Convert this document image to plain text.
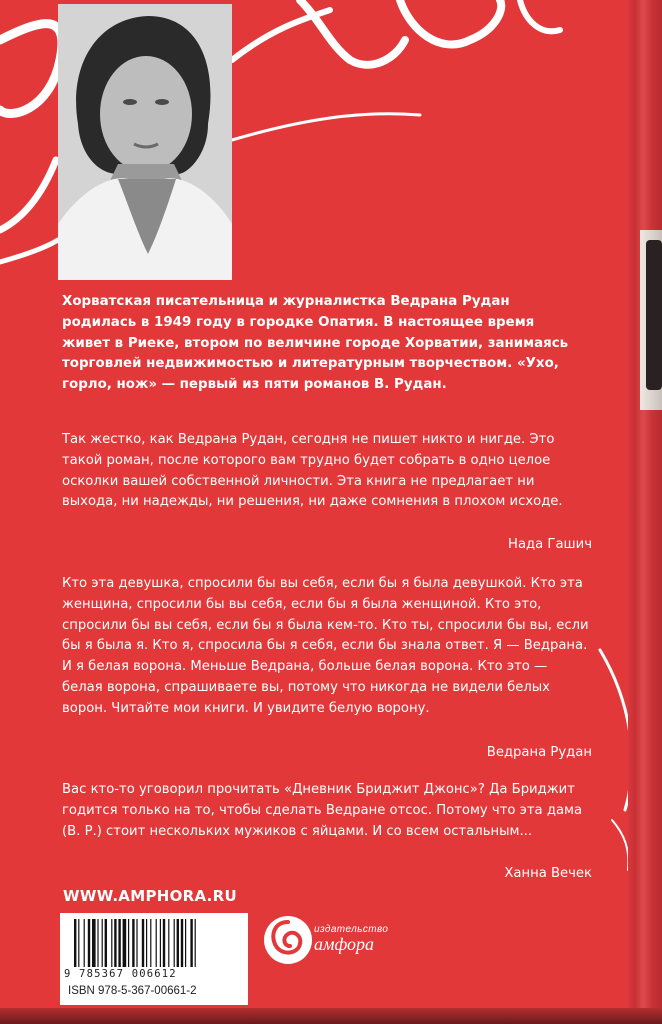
Хорватская писательница и журналистка Ведрана Рудан родилась в 1949 году в городке Опатия. В настоящее время живет в Риеке, втором по величине городе Хорватии, занимаясь торговлей недвижимостью и литературным творчеством. «Ухо, горло, нож» — первый из пяти романов В. Рудан.

Так жестко, как Ведрана Рудан, сегодня не пишет никто и нигде. Это такой роман, после которого вам трудно будет собрать в одно целое осколки вашей собственной личности. Эта книга не предлагает ни выхода, ни надежды, ни решения, ни даже сомнения в плохом исходе.

Нада Гашич

Кто эта девушка, спросили бы вы себя, если бы я была девушкой. Кто эта женщина, спросили бы вы себя, если бы я была женщиной. Кто это, спросили бы вы себя, если бы я была кем-то. Кто ты, спросили бы вы, если бы я была я. Кто я, спросила бы я себя, если бы знала ответ. Я — Ведрана. И я белая ворона. Меньше Ведрана, больше белая ворона. Кто это — белая ворона, спрашиваете вы, потому что никогда не видели белых ворон. Читайте мои книги. И увидите белую ворону.

Ведрана Рудан

Вас кто-то уговорил прочитать «Дневник Бриджит Джонс»? Да Бриджит годится только на то, чтобы сделать Ведране отсос. Потому что эта дама (В. Р.) стоит нескольких мужиков с яйцами. И со всем остальным...

Ханна Вечек
WWW.AMPHORA.RU
9 785367 006612
ISBN 978-5-367-00661-2
издательство
амфора
